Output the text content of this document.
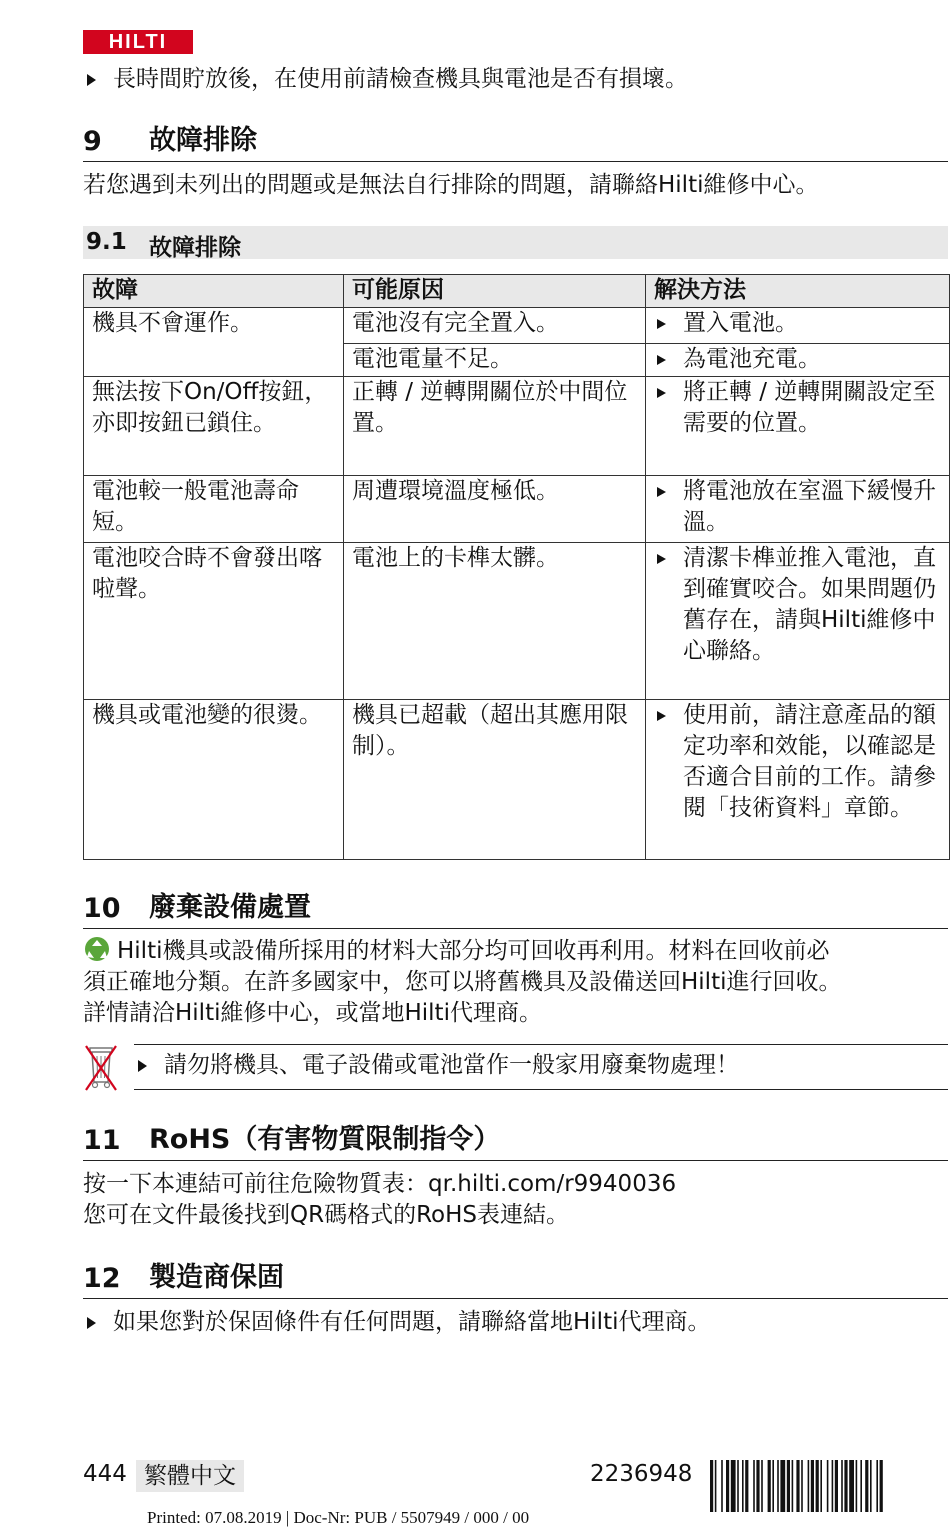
HILTI
長時間貯放後，在使用前請檢查機具與電池是否有損壞。
9 故障排除
若您遇到未列出的問題或是無法自行排除的問題，請聯絡Hilti維修中心。
9.1 故障排除
故障	可能原因	解決方法
機具不會運作。	電池沒有完全置入。	置入電池。
	電池電量不足。	為電池充電。
無法按下On/Off按鈕，亦即按鈕已鎖住。	正轉 / 逆轉開關位於中間位置。	將正轉 / 逆轉開關設定至需要的位置。
電池較一般電池壽命短。	周遭環境溫度極低。	將電池放在室溫下緩慢升溫。
電池咬合時不會發出喀啦聲。	電池上的卡榫太髒。	清潔卡榫並推入電池，直到確實咬合。如果問題仍舊存在，請與Hilti維修中心聯絡。
機具或電池變的很燙。	機具已超載（超出其應用限制）。	使用前，請注意產品的額定功率和效能，以確認是否適合目前的工作。請參閱「技術資料」章節。
10 廢棄設備處置
Hilti機具或設備所採用的材料大部分均可回收再利用。材料在回收前必
須正確地分類。在許多國家中，您可以將舊機具及設備送回Hilti進行回收。
詳情請洽Hilti維修中心，或當地Hilti代理商。
請勿將機具、電子設備或電池當作一般家用廢棄物處理！
11 RoHS（有害物質限制指令）
按一下本連結可前往危險物質表：qr.hilti.com/r9940036
您可在文件最後找到QR碼格式的RoHS表連結。
12 製造商保固
如果您對於保固條件有任何問題，請聯絡當地Hilti代理商。
444 繁體中文	2236948
Printed: 07.08.2019 | Doc-Nr: PUB / 5507949 / 000 / 00
